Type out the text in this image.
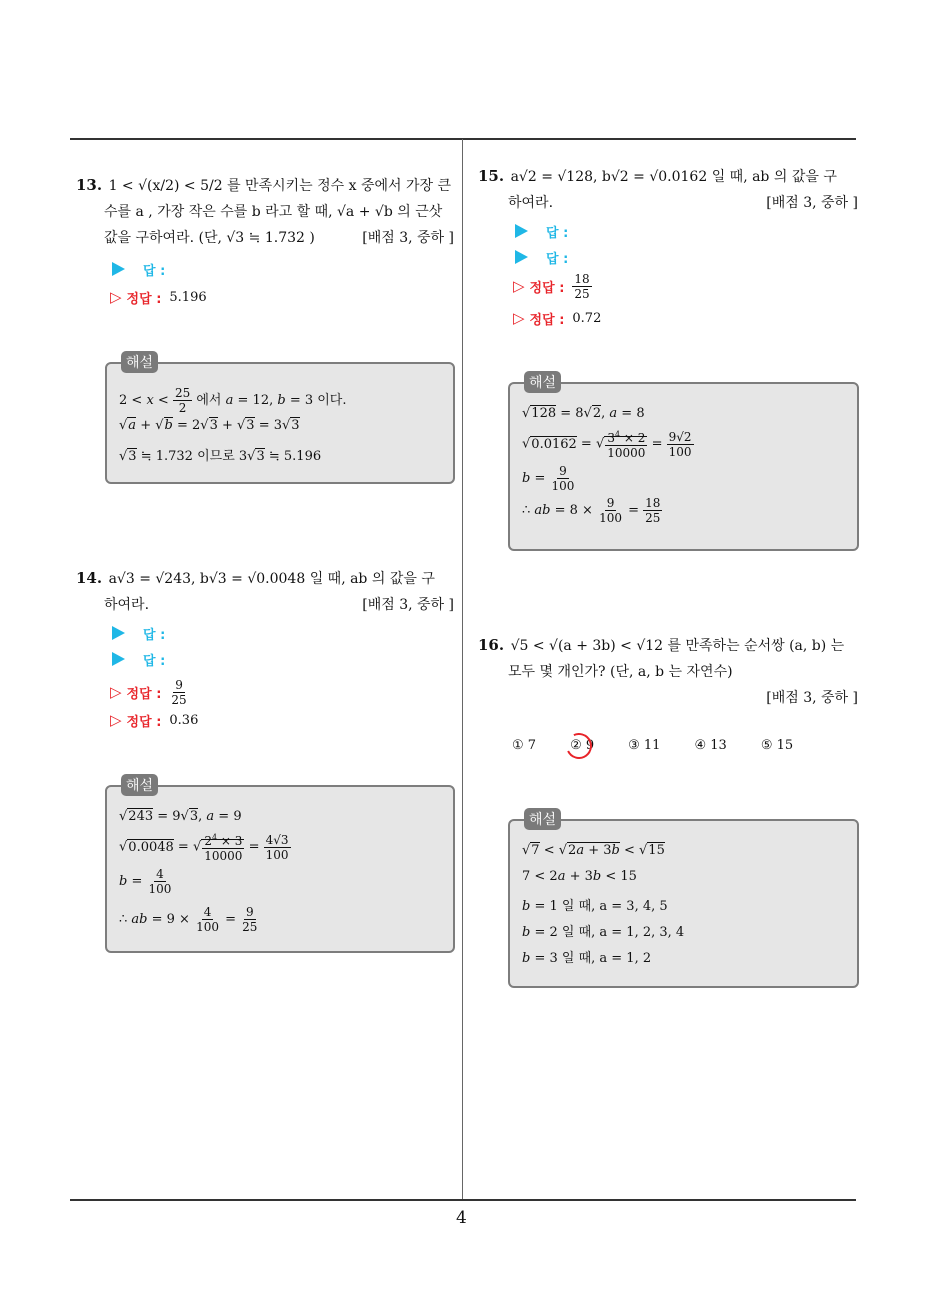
4
13. 1 < √(x/2) < 5/2 를 만족시키는 정수 x 중에서 가장 큰
수를 a , 가장 작은 수를 b 라고 할 때, √a + √b 의 근삿
값을 구하여라. (단, √3 ≒ 1.732 )	[배점 3, 중하 ]
답 :
▷ 정답 : 5.196
해설
$2 < x < \frac{25}{2}$ 에서 a = 12, b = 3 이다.
√a + √b = 2√3 + √3 = 3√3
√3 ≒ 1.732 이므로 3√3 ≒ 5.196
14. a√3 = √243, b√3 = √0.0048 일 때, ab 의 값을 구
하여라.	[배점 3, 중하 ]
답 :
답 :
▷ 정답 : $\frac{9}{25}$
▷ 정답 : 0.36
해설
√243 = 9√3, a = 9
√0.0048 = √ $\frac{2^4 \times 3}{10000} = \frac{4√3}{100}$
$b = \frac{4}{100}$
∴ ab = $9 \times \frac{4}{100} = \frac{9}{25}$
15. a√2 = √128, b√2 = √0.0162 일 때, ab 의 값을 구
하여라.	[배점 3, 중하 ]
답 :
답 :
▷ 정답 : $\frac{18}{25}$
▷ 정답 : 0.72
해설
√128 = 8√2, a = 8
√0.0162 = √ $\frac{3^4 \times 2}{10000} = \frac{9√2}{100}$
$b = \frac{9}{100}$
∴ ab = $8 \times \frac{9}{100} = \frac{18}{25}$
16. √5 < √(a + 3b) < √12 를 만족하는 순서쌍 (a, b) 는
모두 몇 개인가? (단, a, b 는 자연수)
[배점 3, 중하 ]
① 7	② 9	③ 11	④ 13	⑤ 15
해설
√7 < √2a + 3b < √15
7 < 2a + 3b < 15
b = 1 일 때, a = 3, 4, 5
b = 2 일 때, a = 1, 2, 3, 4
b = 3 일 때, a = 1, 2
